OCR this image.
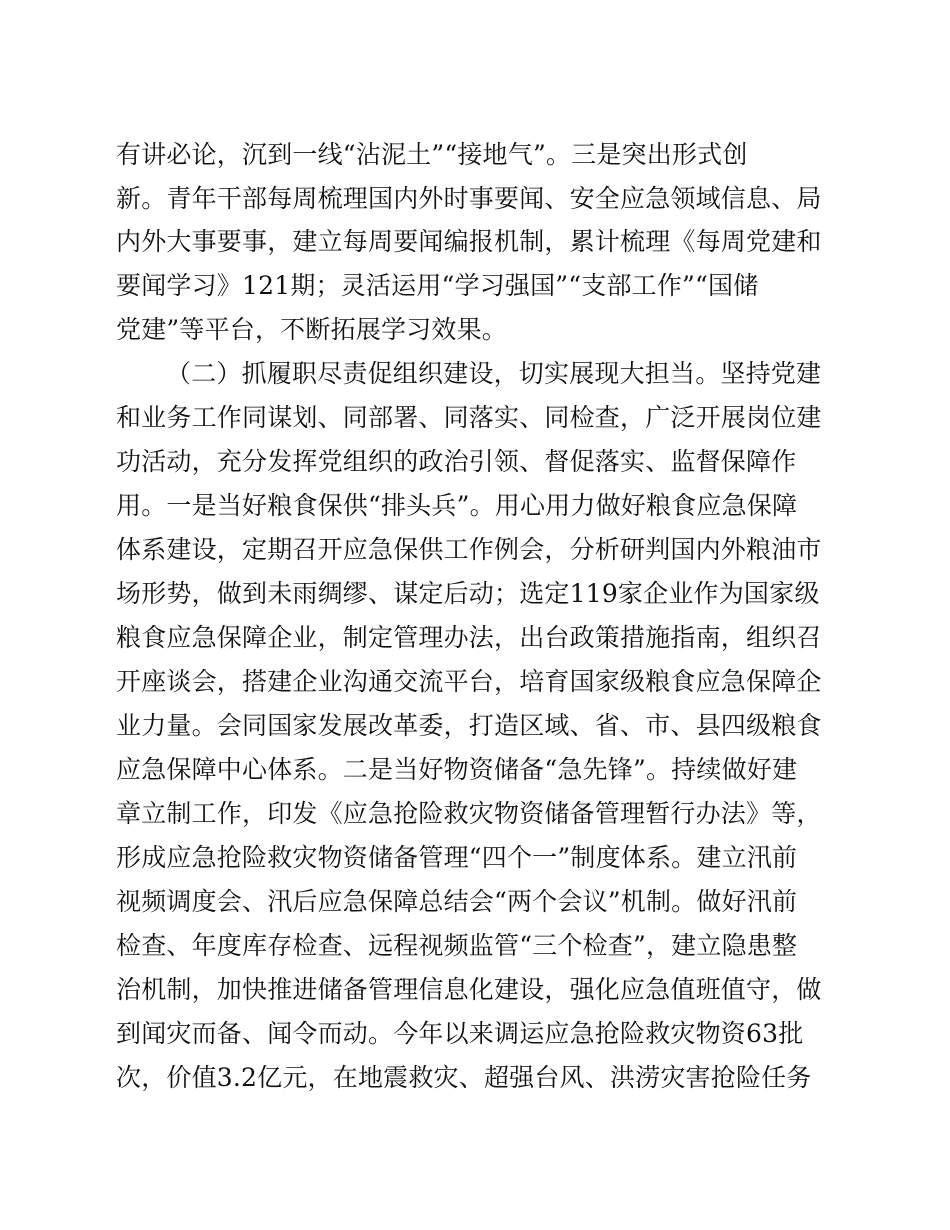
有讲必论，沉到一线“沾泥土”“接地气”。三是突出形式创
新。青年干部每周梳理国内外时事要闻、安全应急领域信息、局
内外大事要事，建立每周要闻编报机制，累计梳理《每周党建和
要闻学习》121期；灵活运用“学习强国”“支部工作”“国储
党建”等平台，不断拓展学习效果。
（二）抓履职尽责促组织建设，切实展现大担当。坚持党建
和业务工作同谋划、同部署、同落实、同检查，广泛开展岗位建
功活动，充分发挥党组织的政治引领、督促落实、监督保障作
用。一是当好粮食保供“排头兵”。用心用力做好粮食应急保障
体系建设，定期召开应急保供工作例会，分析研判国内外粮油市
场形势，做到未雨绸缪、谋定后动；选定119家企业作为国家级
粮食应急保障企业，制定管理办法，出台政策措施指南，组织召
开座谈会，搭建企业沟通交流平台，培育国家级粮食应急保障企
业力量。会同国家发展改革委，打造区域、省、市、县四级粮食
应急保障中心体系。二是当好物资储备“急先锋”。持续做好建
章立制工作，印发《应急抢险救灾物资储备管理暂行办法》等，
形成应急抢险救灾物资储备管理“四个一”制度体系。建立汛前
视频调度会、汛后应急保障总结会“两个会议”机制。做好汛前
检查、年度库存检查、远程视频监管“三个检查”，建立隐患整
治机制，加快推进储备管理信息化建设，强化应急值班值守，做
到闻灾而备、闻令而动。今年以来调运应急抢险救灾物资63批
次，价值3.2亿元，在地震救灾、超强台风、洪涝灾害抢险任务
